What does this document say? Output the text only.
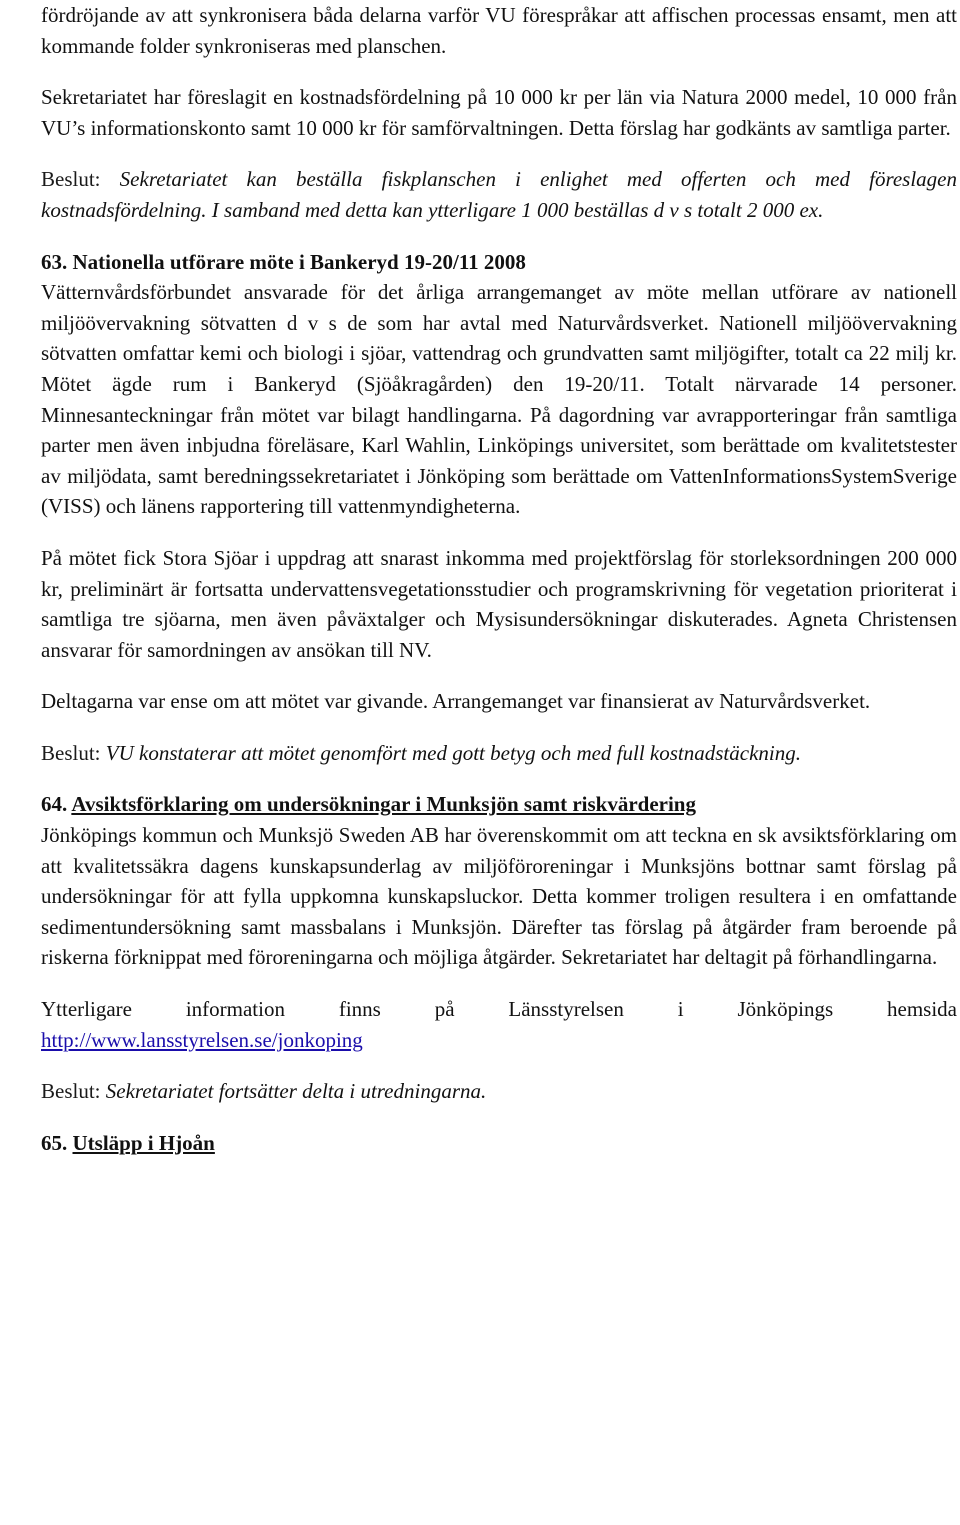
fördröjande av att synkronisera båda delarna varför VU förespråkar att affischen processas ensamt, men att kommande folder synkroniseras med planschen.

Sekretariatet har föreslagit en kostnadsfördelning på 10 000 kr per län via Natura 2000 medel, 10 000 från VU’s informationskonto samt 10 000 kr för samförvaltningen. Detta förslag har godkänts av samtliga parter.

Beslut: Sekretariatet kan beställa fiskplanschen i enlighet med offerten och med föreslagen kostnadsfördelning. I samband med detta kan ytterligare 1 000 beställas d v s totalt 2 000 ex.

63. Nationella utförare möte i Bankeryd 19-20/11 2008

Vätternvårdsförbundet ansvarade för det årliga arrangemanget av möte mellan utförare av nationell miljöövervakning sötvatten d v s de som har avtal med Naturvårdsverket. Nationell miljöövervakning sötvatten omfattar kemi och biologi i sjöar, vattendrag och grundvatten samt miljögifter, totalt ca 22 milj kr. Mötet ägde rum i Bankeryd (Sjöåkragården) den 19-20/11. Totalt närvarade 14 personer. Minnesanteckningar från mötet var bilagt handlingarna. På dagordning var avrapporteringar från samtliga parter men även inbjudna föreläsare, Karl Wahlin, Linköpings universitet, som berättade om kvalitetstester av miljödata, samt beredningssekretariatet i Jönköping som berättade om VattenInformationsSystemSverige (VISS) och länens rapportering till vattenmyndigheterna.

På mötet fick Stora Sjöar i uppdrag att snarast inkomma med projektförslag för storleksordningen 200 000 kr, preliminärt är fortsatta undervattensvegetationsstudier och programskrivning för vegetation prioriterat i samtliga tre sjöarna, men även påväxtalger och Mysisundersökningar diskuterades. Agneta Christensen ansvarar för samordningen av ansökan till NV.

Deltagarna var ense om att mötet var givande. Arrangemanget var finansierat av Naturvårdsverket.

Beslut: VU konstaterar att mötet genomfört med gott betyg och med full kostnadstäckning.

64. Avsiktsförklaring om undersökningar i Munksjön samt riskvärdering

Jönköpings kommun och Munksjö Sweden AB har överenskommit om att teckna en sk avsiktsförklaring om att kvalitetssäkra dagens kunskapsunderlag av miljöföroreningar i Munksjöns bottnar samt förslag på undersökningar för att fylla uppkomna kunskapsluckor. Detta kommer troligen resultera i en omfattande sedimentundersökning samt massbalans i Munksjön. Därefter tas förslag på åtgärder fram beroende på riskerna förknippat med föroreningarna och möjliga åtgärder. Sekretariatet har deltagit på förhandlingarna.

Ytterligare information finns på Länsstyrelsen i Jönköpings hemsida

http://www.lansstyrelsen.se/jonkoping

Beslut: Sekretariatet fortsätter delta i utredningarna.

65. Utsläpp i Hjoån
